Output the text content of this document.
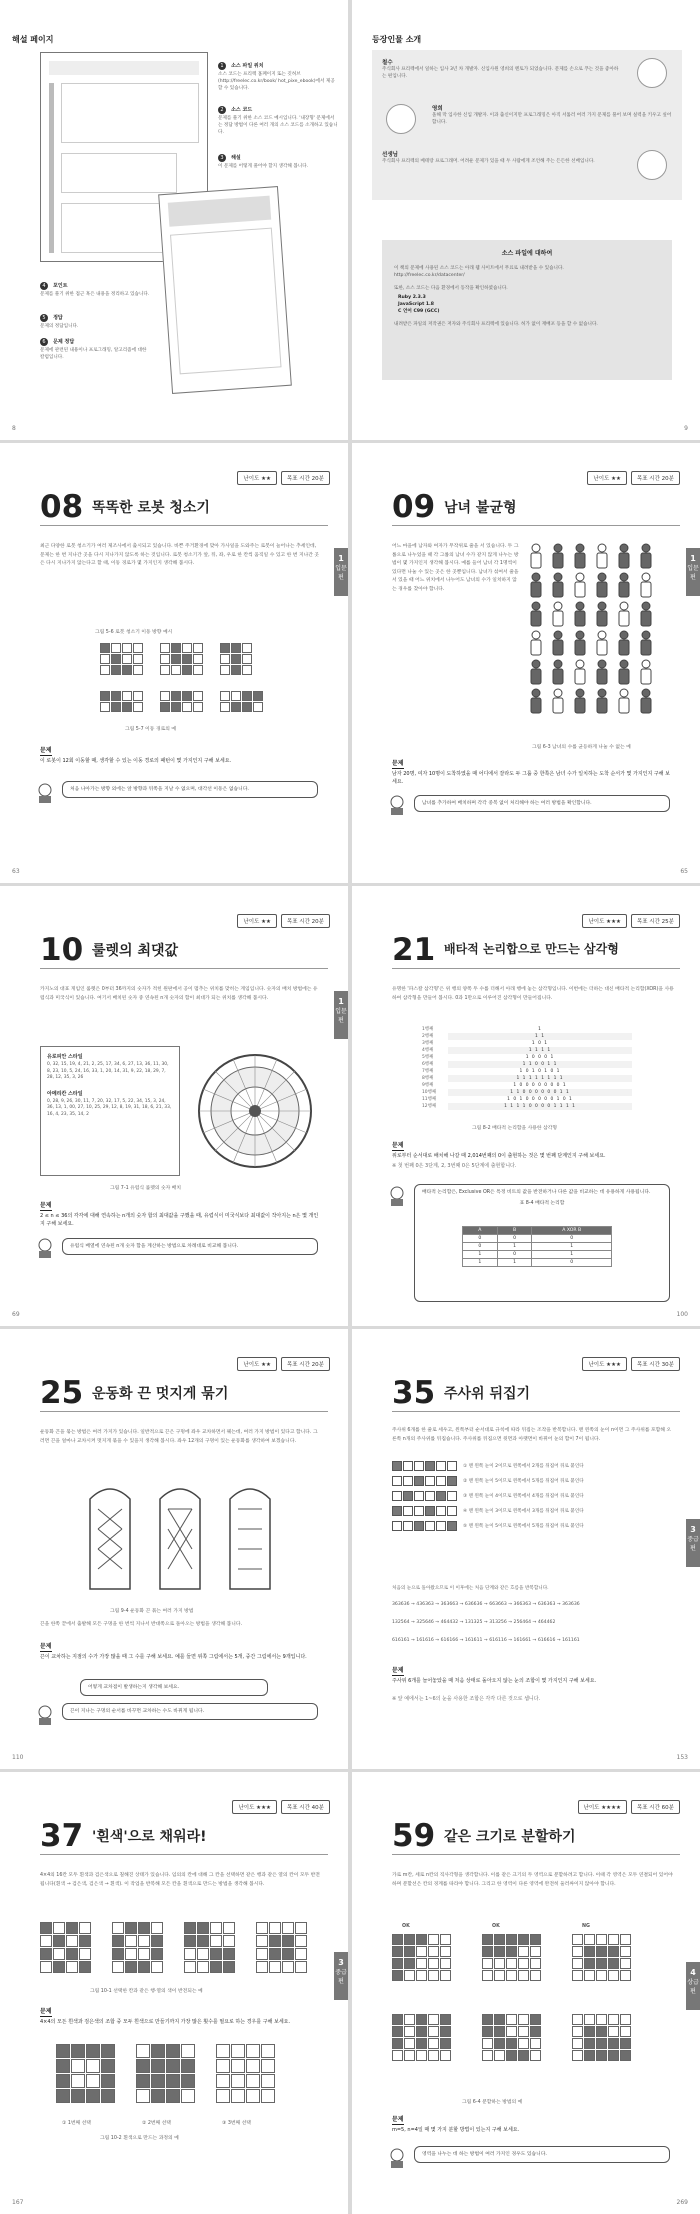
해설 페이지
1 소스 파일 위치
소스 코드는 프리렉 홈페이지 또는 깃허브(http://freelec.co.kr/book/ hot_pixe_ebook)에서 제공할 수 있습니다.
2 소스 코드
문제를 풀기 위한 소스 코드 예시입니다. '내장형' 문제에서는 정답 방법이 다른 여러 개의 소스 코드를 소개하고 있습니다.
3 해설
이 문제를 어떻게 풀어야 할지 생각해 봅니다.
4 포인트
문제를 풀기 위한 접근 혹은 내용을 정리하고 있습니다.
5 정답
문제의 정답입니다.
6 문제 정답
문제에 관련된 내용이나 프로그래밍, 알고리즘에 대한 칼럼입니다.
8
등장인물 소개
철수
주식회사 프리렉에서 일하는 입사 3년 차 개발자. 신입사원 영희의 멘토가 되었습니다. 문제를 손으로 푸는 것을 좋아하는 편입니다.
영희
올해 막 입사한 신입 개발자. 이과 출신이지만 프로그래밍은 아직 서툴러 여러 가지 문제를 풀어 보며 실력을 키우고 싶어 합니다.
선생님
주식회사 프리렉의 베테랑 프로그래머. 어려운 문제가 있을 때 두 사람에게 조언해 주는 든든한 선배입니다.
소스 파일에 대하여
이 책의 문제에 사용된 소스 코드는 아래 웹 사이트에서 무료로 내려받을 수 있습니다.
http://freelec.co.kr/datacenter/
또한, 소스 코드는 다음 환경에서 동작을 확인하였습니다.
Ruby 2.3.3
JavaScript 1.8
C 언어 C99 (GCC)
내려받은 파일의 저작권은 저자와 주식회사 프리렉에 있습니다. 허가 없이 재배포 등을 할 수 없습니다.
9
난이도 ★★	목표 시간 20분
08 똑똑한 로봇 청소기
1
입문편
최근 다양한 로봇 청소기가 여러 제조사에서 출시되고 있습니다. 바쁜 주거환경에 맞아 가사일을 도와주는 로봇이 늘어나는 추세인데, 문제는 한 번 지나간 곳을 다시 지나가지 않도록 하는 것입니다. 로봇 청소기가 앞, 뒤, 좌, 우로 한 칸씩 움직일 수 있고 한 번 지나간 곳은 다시 지나가지 않는다고 할 때, 이동 경로가 몇 가지인지 생각해 봅시다.
그림 5-6 로봇 청소기 이동 방향 예시
그림 5-7 이동 경로의 예
문제
이 로봇이 12회 이동할 때, 생각할 수 있는 이동 경로의 패턴이 몇 가지인지 구해 보세요.
처음 나아가는 방향 외에는 앞 방향과 뒤쪽을 지날 수 없으며, 대각선 이동은 없습니다.
63
난이도 ★★	목표 시간 20분
09 남녀 불균형
1
입문편
어느 마을에 남자와 여자가 무작위로 줄을 서 있습니다. 두 그룹으로 나누었을 때 각 그룹의 남녀 수가 같지 않게 나누는 방법이 몇 가지인지 생각해 봅시다. 예를 들어 남녀 각 1명씩이 있다면 나눌 수 있는 곳은 한 곳뿐입니다. 남녀가 섞여서 줄을 서 있을 때 어느 위치에서 나누어도 남녀의 수가 일치하지 않는 경우를 찾아야 합니다.
그림 6-3 남녀의 수를 균등하게 나눌 수 없는 예
문제
남자 20명, 여자 10명이 도착하였을 때 어디에서 잘라도 두 그룹 중 한쪽은 남녀 수가 일치하는 도착 순서가 몇 가지인지 구해 보세요.
남녀를 추가하여 배치하며 각각 중복 없이 처리해야 하는 여러 방법을 확인합니다.
65
난이도 ★★	목표 시간 20분
10 룰렛의 최댓값
1
입문편
카지노의 대표 게임인 룰렛은 0부터 36까지의 숫자가 적힌 원판에서 공이 멈추는 위치를 맞히는 게임입니다. 숫자의 배치 방법에는 유럽식과 미국식이 있습니다. 여기서 배치된 숫자 중 연속된 n개 숫자의 합이 최대가 되는 위치를 생각해 봅시다.
유로피안 스타일
0, 32, 15, 19, 4, 21, 2, 25, 17, 34, 6, 27, 13, 36, 11, 30, 8, 23, 10, 5, 24, 16, 33, 1, 20, 14, 31, 9, 22, 18, 29, 7, 28, 12, 35, 3, 26
아메리칸 스타일
0, 28, 9, 26, 30, 11, 7, 20, 32, 17, 5, 22, 34, 15, 3, 24, 36, 13, 1, 00, 27, 10, 25, 29, 12, 8, 19, 31, 18, 6, 21, 33, 16, 4, 23, 35, 14, 2
그림 7-1 유럽식 룰렛의 숫자 배치
문제
2 ≤ n ≤ 36의 각각에 대해 연속하는 n개의 숫자 합의 최대값을 구했을 때, 유럽식이 미국식보다 최대값이 작아지는 n은 몇 개인지 구해 보세요.
유럽식 배열에 연속된 n개 숫자 합을 계산하는 방법으로 차례대로 비교해 봅니다.
69
난이도 ★★★	목표 시간 25분
21 배타적 논리합으로 만드는 삼각형
유명한 '파스칼 삼각형'은 위 행의 양쪽 두 수를 더해서 아래 행에 놓는 삼각형입니다. 이번에는 더하는 대신 배타적 논리합(XOR)을 사용하여 삼각형을 만들어 봅시다. 0과 1만으로 이루어진 삼각형이 만들어집니다.
1행째	1
2행째	1 1
3행째	1 0 1
4행째	1 1 1 1
5행째	1 0 0 0 1
6행째	1 1 0 0 1 1
7행째	1 0 1 0 1 0 1
8행째	1 1 1 1 1 1 1 1
9행째	1 0 0 0 0 0 0 0 1
10행째	1 1 0 0 0 0 0 0 1 1
11행째	1 0 1 0 0 0 0 0 1 0 1
12행째	1 1 1 1 0 0 0 0 1 1 1 1
그림 8-2 배타적 논리합을 사용한 삼각형
문제
위로부터 순서대로 배치해 나갈 때 2,014번째의 0이 출현하는 것은 몇 번째 단계인지 구해 보세요.
※ 첫 번째 0은 3단계, 2, 3번째 0은 5단계에 출현합니다.
배타적 논리합은, Exclusive OR은 특정 비트의 값을 반전하거나 다른 값을 비교하는 데 유용하게 사용됩니다.
표 8-4 배타적 논리합
A	B	A XOR B
0	0	0
0	1	1
1	0	1
1	1	0
100
난이도 ★★	목표 시간 20분
25 운동화 끈 멋지게 묶기
운동화 끈을 묶는 방법은 여러 가지가 있습니다. 일반적으로 끈은 구멍에 좌우 교차하면서 꿰는데, 여러 가지 방법이 있다고 합니다. 그러면 끈을 얼마나 교차시켜 멋지게 묶을 수 있을지 생각해 봅시다. 좌우 12개의 구멍이 있는 운동화를 생각하여 보겠습니다.
그림 9-4 운동화 끈 묶는 여러 가지 방법
끈을 한쪽 끝에서 출발해 모든 구멍을 한 번씩 지나서 반대쪽으로 돌아오는 방법을 생각해 봅니다.
문제
끈이 교차하는 지점의 수가 가장 많을 때 그 수를 구해 보세요. 예를 들면 위쪽 그림에서는 5개, 중간 그림에서는 9개입니다.
어떻게 교차점이 발생하는지 생각해 보세요.
끈이 지나는 구멍의 순서를 바꾸면 교차하는 수도 바뀌게 됩니다.
110
난이도 ★★★	목표 시간 30분
35 주사위 뒤집기
3
중급편
주사위 6개를 한 줄로 세우고, 왼쪽부터 순서대로 규칙에 따라 뒤집는 조작을 반복합니다. 맨 왼쪽의 눈이 n이면 그 주사위를 포함해 오른쪽 n개의 주사위를 뒤집습니다. 주사위를 뒤집으면 윗면과 아랫면이 바뀌어 눈의 합이 7이 됩니다.
① 맨 왼쪽 눈이 2이므로 왼쪽에서 2개를 뒤집어 뒤로 붙인다
② 맨 왼쪽 눈이 5이므로 왼쪽에서 5개를 뒤집어 뒤로 붙인다
③ 맨 왼쪽 눈이 4이므로 왼쪽에서 4개를 뒤집어 뒤로 붙인다
④ 맨 왼쪽 눈이 3이므로 왼쪽에서 3개를 뒤집어 뒤로 붙인다
⑤ 맨 왼쪽 눈이 5이므로 왼쪽에서 5개를 뒤집어 뒤로 붙인다
처음의 눈으로 돌아왔으므로 이 이후에는 처음 단계와 같은 흐름을 반복합니다.
363636 → 436363 → 363663 → 636636 → 663663 → 366363 → 636363 → 363636
132564 → 325646 → 464432 → 131325 → 313256 → 256464 → 464462
616161 → 161616 → 616166 → 161611 → 616116 → 161661 → 616616 → 161161
문제
주사위 6개를 늘어놓았을 때 처음 상태로 돌아오지 않는 눈의 조합이 몇 가지인지 구해 보세요.
※ 앞 예에서는 1~6의 눈을 사용한 조합은 각각 다른 것으로 셉니다.
153
난이도 ★★★	목표 시간 40분
37 '흰색'으로 채워라!
3
중급편
4×4의 16칸 모두 흰색과 검은색으로 칠해진 상태가 있습니다. 임의의 칸에 대해 그 칸을 선택하면 같은 행과 같은 열의 칸이 모두 반전됩니다(흰색 → 검은색, 검은색 → 흰색). 이 작업을 반복해 모든 칸을 흰색으로 만드는 방법을 생각해 봅시다.
그림 10-1 선택한 칸과 같은 행·열의 색이 반전되는 예
문제
4×4의 모든 흰색과 검은색의 조합 중 모두 흰색으로 만들기까지 가장 많은 횟수를 필요로 하는 경우를 구해 보세요.
① 1번째 선택	② 2번째 선택	③ 3번째 선택
그림 10-2 흰색으로 만드는 과정의 예
167
난이도 ★★★★	목표 시간 60분
59 같은 크기로 분할하기
4
상급편
가로 m칸, 세로 n칸의 직사각형을 생각합니다. 이를 같은 크기의 두 영역으로 분할하려고 합니다. 이때 각 영역은 모두 연결되어 있어야 하며 분할선은 칸의 경계를 따라야 합니다. 그리고 한 영역이 다른 영역에 완전히 둘러싸이지 않아야 합니다.
OK	OK	NG
그림 6-4 분할하는 방법의 예
문제
m=5, n=4일 때 몇 가지 분할 방법이 있는지 구해 보세요.
영역을 나누는 데 하는 방법이 여러 가지인 경우도 있습니다.
269
